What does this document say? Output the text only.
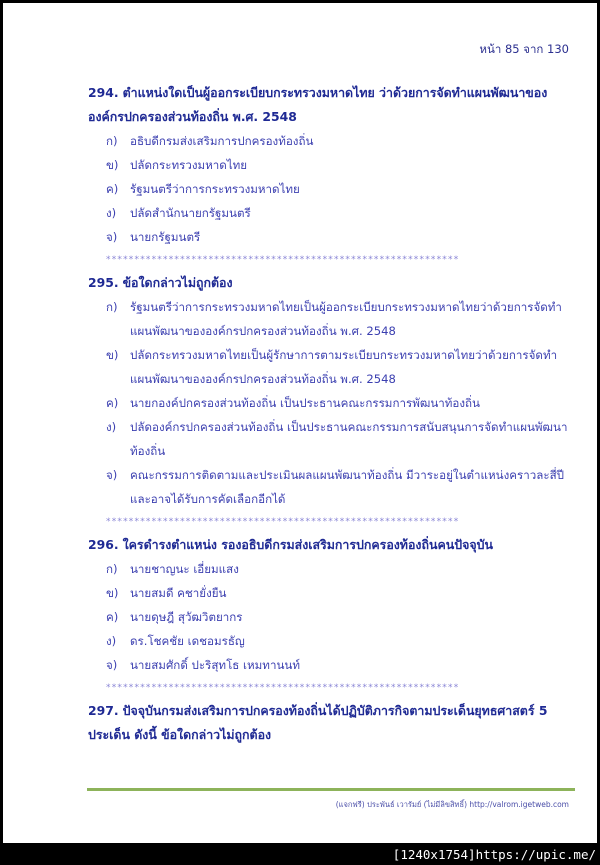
หน้า 85 จาก 130

294. ตำแหน่งใดเป็นผู้ออกระเบียบกระทรวงมหาดไทย ว่าด้วยการจัดทำแผนพัฒนาขององค์กรปกครองส่วนท้องถิ่น พ.ศ. 2548

ก)	อธิบดีกรมส่งเสริมการปกครองท้องถิ่น
ข) ปลัดกระทรวงมหาดไทย
ค)	รัฐมนตรีว่าการกระทรวงมหาดไทย
ง)	ปลัดสำนักนายกรัฐมนตรี
จ)	นายกรัฐมนตรี
**************************************************************

295. ข้อใดกล่าวไม่ถูกต้อง

ก)	รัฐมนตรีว่าการกระทรวงมหาดไทยเป็นผู้ออกระเบียบกระทรวงมหาดไทยว่าด้วยการจัดทำแผนพัฒนาขององค์กรปกครองส่วนท้องถิ่น พ.ศ. 2548
ข) ปลัดกระทรวงมหาดไทยเป็นผู้รักษาการตามระเบียบกระทรวงมหาดไทยว่าด้วยการจัดทำแผนพัฒนาขององค์กรปกครองส่วนท้องถิ่น พ.ศ. 2548
ค)	นายกองค์ปกครองส่วนท้องถิ่น เป็นประธานคณะกรรมการพัฒนาท้องถิ่น
ง)	ปลัดองค์กรปกครองส่วนท้องถิ่น เป็นประธานคณะกรรมการสนับสนุนการจัดทำแผนพัฒนาท้องถิ่น
จ)	คณะกรรมการติดตามและประเมินผลแผนพัฒนาท้องถิ่น มีวาระอยู่ในตำแหน่งคราวละสี่ปีและอาจได้รับการคัดเลือกอีกได้
**************************************************************

296. ใครดำรงตำแหน่ง รองอธิบดีกรมส่งเสริมการปกครองท้องถิ่นคนปัจจุบัน

ก)	นายชาญนะ เอี่ยมแสง
ข) นายสมดี คชายั่งยืน
ค)	นายดุษฎี สุวัฒวิตยากร
ง)	ดร.โชคชัย เดชอมรธัญ
จ)	นายสมศักดิ์ ปะริสุทโธ เหมทานนท์
**************************************************************

297. ปัจจุบันกรมส่งเสริมการปกครองท้องถิ่นได้ปฏิบัติภารกิจตามประเด็นยุทธศาสตร์ 5 ประเด็น ดังนี้ ข้อใดกล่าวไม่ถูกต้อง

(แจกฟรี) ประพันธ์ เวารัมย์ (ไม่มีลิขสิทธิ์) http://valrom.igetweb.com
[1240x1754]https://upic.me/
